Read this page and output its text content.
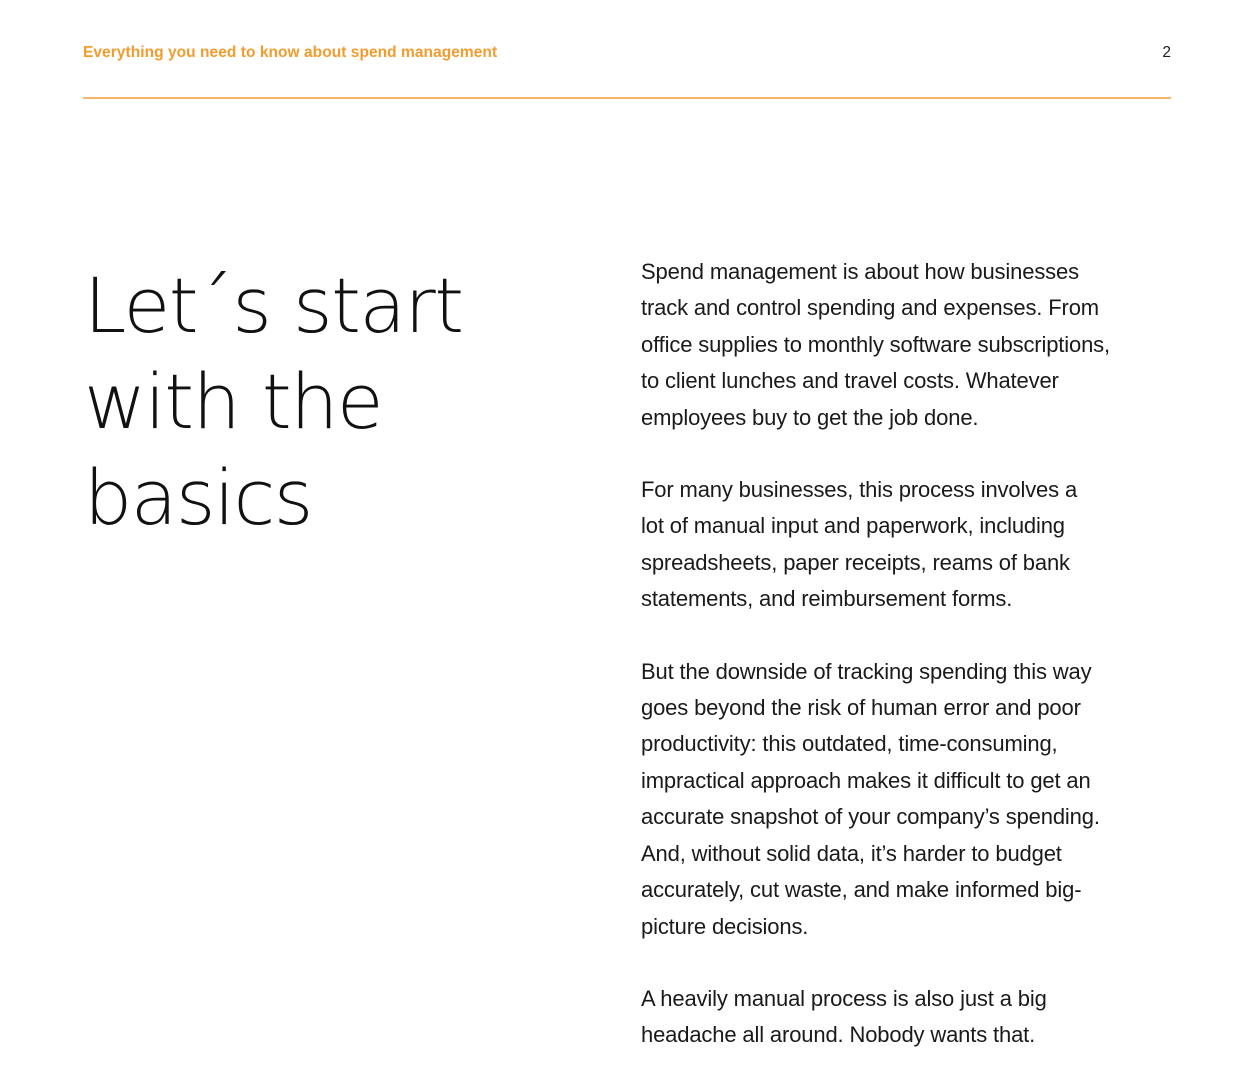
Everything you need to know about spend management	2
Let´s start
with the
basics

Spend management is about how businesses
track and control spending and expenses. From
office supplies to monthly software subscriptions,
to client lunches and travel costs. Whatever
employees buy to get the job done.

For many businesses, this process involves a
lot of manual input and paperwork, including
spreadsheets, paper receipts, reams of bank
statements, and reimbursement forms.

But the downside of tracking spending this way
goes beyond the risk of human error and poor
productivity: this outdated, time-consuming,
impractical approach makes it difficult to get an
accurate snapshot of your company’s spending.
And, without solid data, it’s harder to budget
accurately, cut waste, and make informed big-
picture decisions.

A heavily manual process is also just a big
headache all around. Nobody wants that.
